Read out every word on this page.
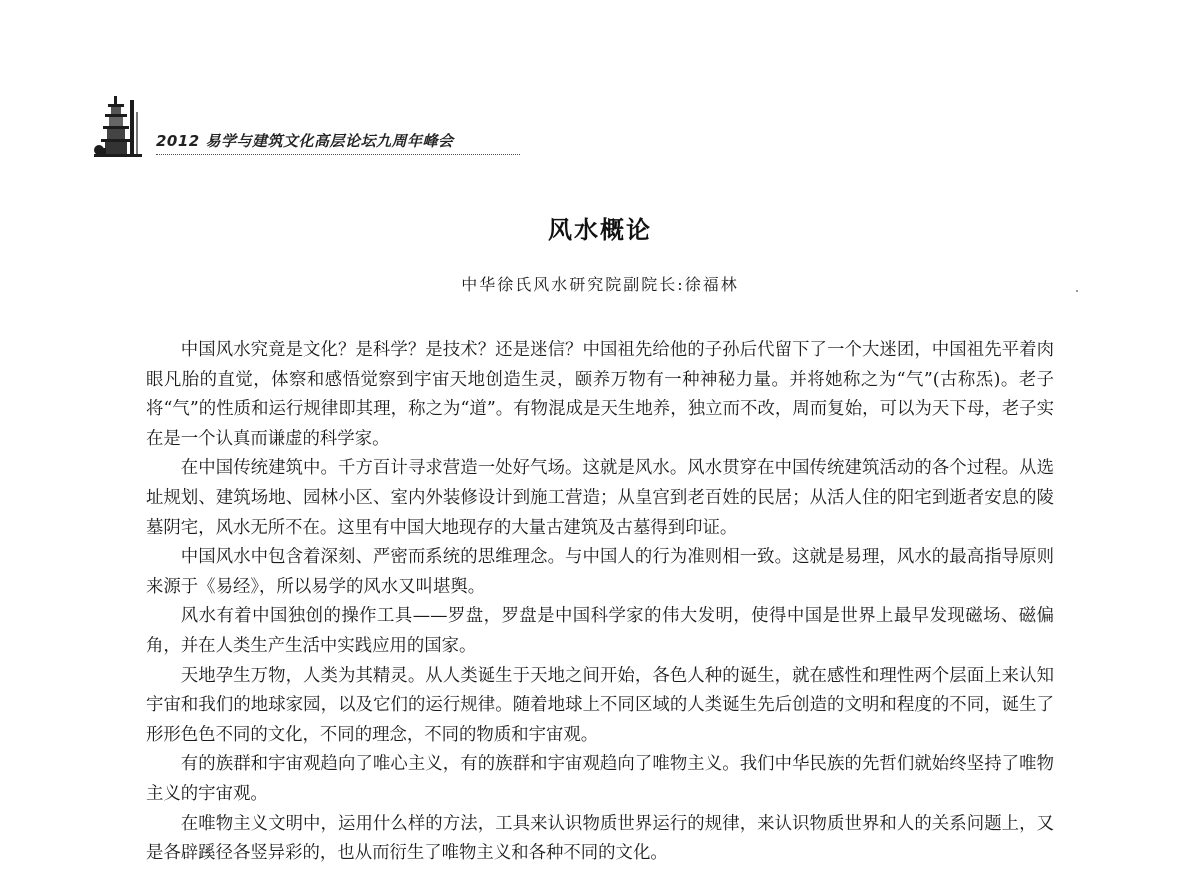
2012 易学与建筑文化高层论坛九周年峰会
风水概论
中华徐氏风水研究院副院长:徐福林

中国风水究竟是文化？是科学？是技术？还是迷信？中国祖先给他的子孙后代留下了一个大迷团，中国祖先平着肉眼凡胎的直觉，体察和感悟觉察到宇宙天地创造生灵，颐养万物有一种神秘力量。并将她称之为“气”(古称炁)。老子将“气”的性质和运行规律即其理，称之为“道”。有物混成是天生地养，独立而不改，周而复始，可以为天下母，老子实在是一个认真而谦虚的科学家。

在中国传统建筑中。千方百计寻求营造一处好气场。这就是风水。风水贯穿在中国传统建筑活动的各个过程。从选址规划、建筑场地、园林小区、室内外装修设计到施工营造；从皇宫到老百姓的民居；从活人住的阳宅到逝者安息的陵墓阴宅，风水无所不在。这里有中国大地现存的大量古建筑及古墓得到印证。

中国风水中包含着深刻、严密而系统的思维理念。与中国人的行为准则相一致。这就是易理，风水的最高指导原则来源于《易经》，所以易学的风水又叫堪舆。

风水有着中国独创的操作工具——罗盘，罗盘是中国科学家的伟大发明，使得中国是世界上最早发现磁场、磁偏角，并在人类生产生活中实践应用的国家。

天地孕生万物，人类为其精灵。从人类诞生于天地之间开始，各色人种的诞生，就在感性和理性两个层面上来认知宇宙和我们的地球家园，以及它们的运行规律。随着地球上不同区域的人类诞生先后创造的文明和程度的不同，诞生了形形色色不同的文化，不同的理念，不同的物质和宇宙观。

有的族群和宇宙观趋向了唯心主义，有的族群和宇宙观趋向了唯物主义。我们中华民族的先哲们就始终坚持了唯物主义的宇宙观。

在唯物主义文明中，运用什么样的方法，工具来认识物质世界运行的规律，来认识物质世界和人的关系问题上，又是各辟蹊径各竖异彩的，也从而衍生了唯物主义和各种不同的文化。
